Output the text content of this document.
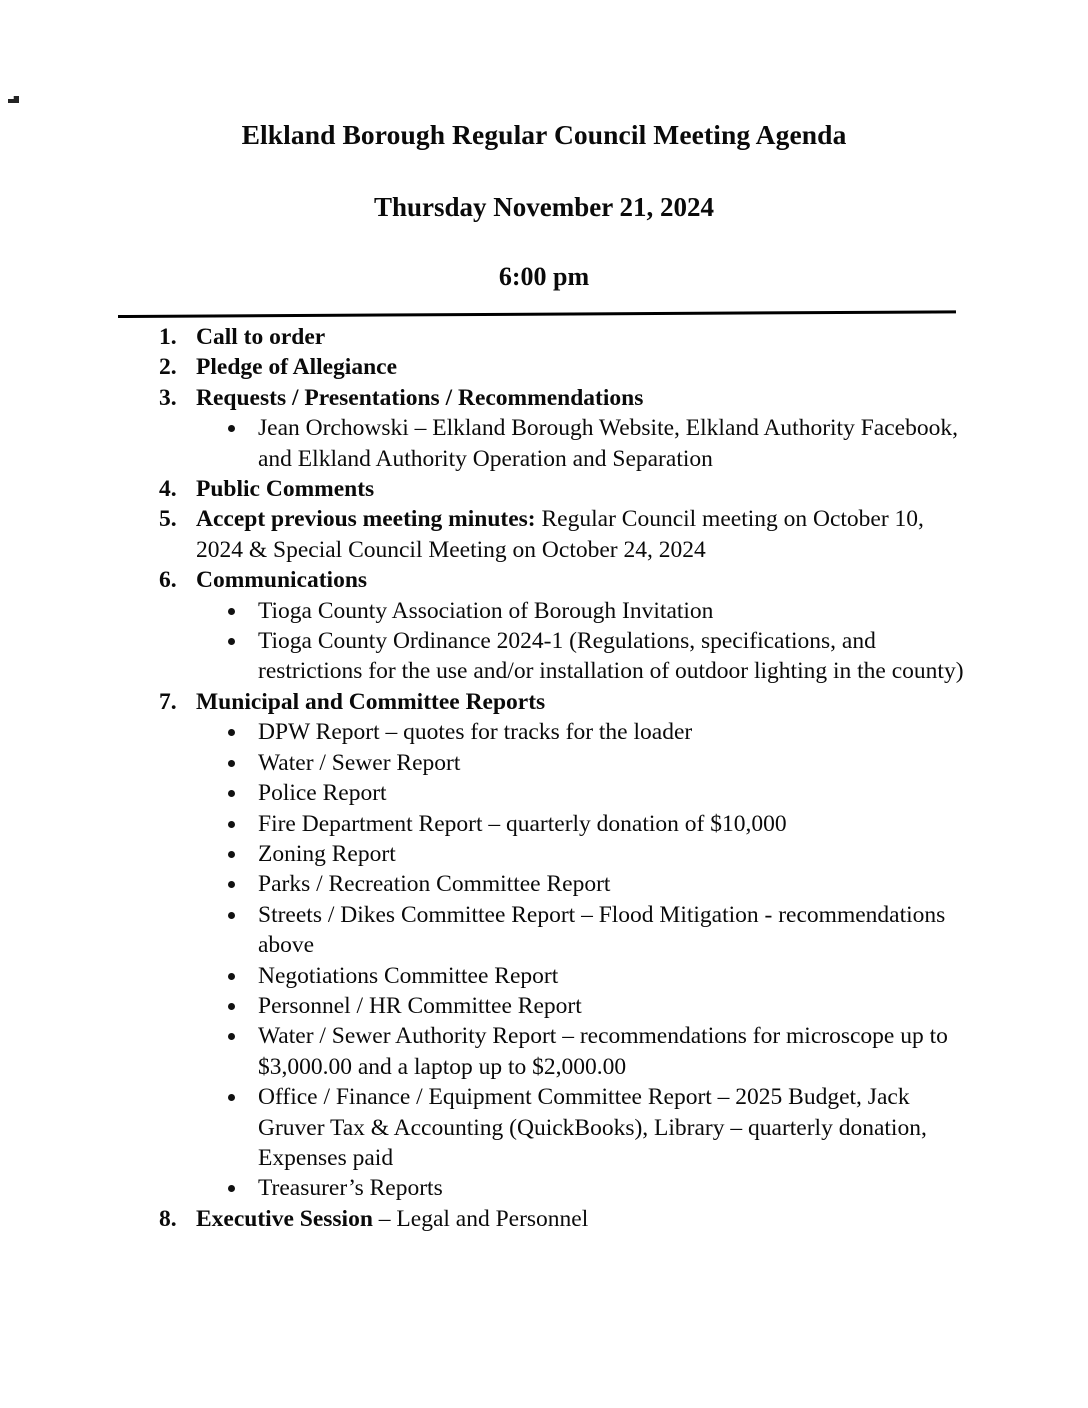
Elkland Borough Regular Council Meeting Agenda

Thursday November 21, 2024

6:00 pm

1. Call to order
2. Pledge of Allegiance
3. Requests / Presentations / Recommendations
Jean Orchowski – Elkland Borough Website, Elkland Authority Facebook, and Elkland Authority Operation and Separation
4. Public Comments
5. Accept previous meeting minutes: Regular Council meeting on October 10, 2024 & Special Council Meeting on October 24, 2024
6. Communications
Tioga County Association of Borough Invitation
Tioga County Ordinance 2024-1 (Regulations, specifications, and restrictions for the use and/or installation of outdoor lighting in the county)
7. Municipal and Committee Reports
DPW Report – quotes for tracks for the loader
Water / Sewer Report
Police Report
Fire Department Report – quarterly donation of $10,000
Zoning Report
Parks / Recreation Committee Report
Streets / Dikes Committee Report – Flood Mitigation - recommendations above
Negotiations Committee Report
Personnel / HR Committee Report
Water / Sewer Authority Report – recommendations for microscope up to $3,000.00 and a laptop up to $2,000.00
Office / Finance / Equipment Committee Report – 2025 Budget, Jack Gruver Tax & Accounting (QuickBooks), Library – quarterly donation, Expenses paid
Treasurer’s Reports
8. Executive Session – Legal and Personnel
